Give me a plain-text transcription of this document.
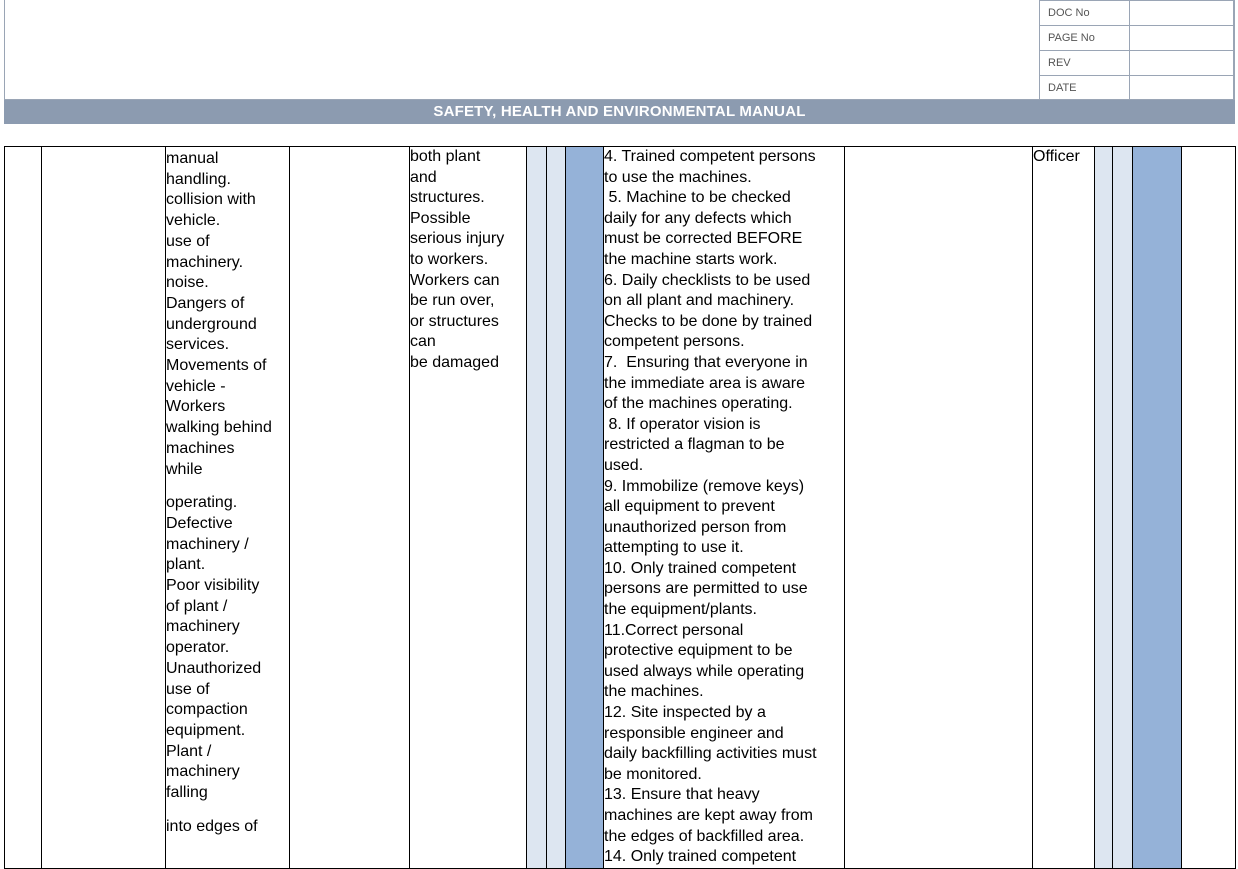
DOC No	
PAGE No	
REV	
DATE	
SAFETY, HEALTH AND ENVIRONMENTAL MANUAL

manual
handling.
collision with
vehicle.
use of
machinery.
noise.
Dangers of
underground
services.
Movements of
vehicle -
Workers
walking behind
machines
while
operating.
Defective
machinery /
plant.
Poor visibility
of plant /
machinery
operator.
Unauthorized
use of
compaction
equipment.
Plant /
machinery
falling
into edges of

both plant
and
structures.
Possible
serious injury
to workers.
Workers can
be run over,
or structures
can
be damaged

4. Trained competent persons
to use the machines.
5. Machine to be checked
daily for any defects which
must be corrected BEFORE
the machine starts work.
6. Daily checklists to be used
on all plant and machinery.
Checks to be done by trained
competent persons.
7.  Ensuring that everyone in
the immediate area is aware
of the machines operating.
8. If operator vision is
restricted a flagman to be
used.
9. Immobilize (remove keys)
all equipment to prevent
unauthorized person from
attempting to use it.
10. Only trained competent
persons are permitted to use
the equipment/plants.
11.Correct personal
protective equipment to be
used always while operating
the machines.
12. Site inspected by a
responsible engineer and
daily backfilling activities must
be monitored.
13. Ensure that heavy
machines are kept away from
the edges of backfilled area.
14. Only trained competent
		Officer				
